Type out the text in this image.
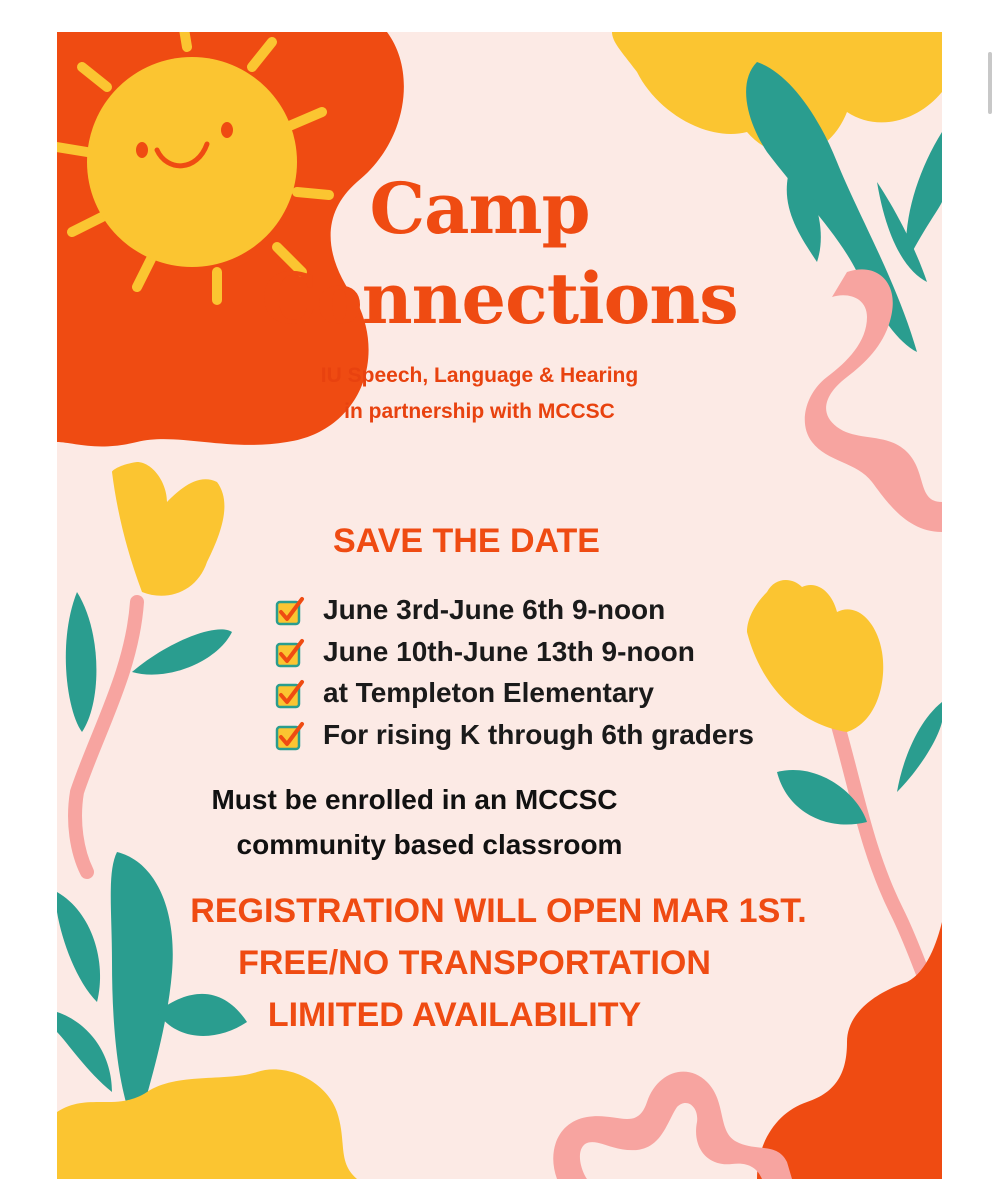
Camp
Connections
IU Speech, Language & Hearing
in partnership with MCCSC
SAVE THE DATE
June 3rd-June 6th 9-noon
June 10th-June 13th 9-noon
at Templeton Elementary
For rising K through 6th graders
Must be enrolled in an MCCSC
community based classroom
REGISTRATION WILL OPEN MAR 1ST.
FREE/NO TRANSPORTATION
LIMITED AVAILABILITY
